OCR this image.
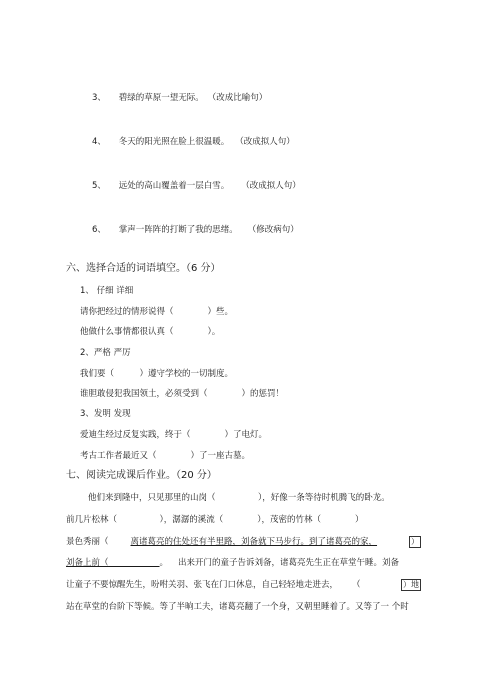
3、 碧绿的草原一望无际。 （改成比喻句）
4、 冬天的阳光照在脸上很温暖。 （改成拟人句）
5、 远处的高山覆盖着一层白雪。 （改成拟人句）
6、 掌声一阵阵的打断了我的思绪。 （修改病句）
六、选择合适的词语填空。（6 分）
1、 仔细 详细
请你把经过的情形说得（　　　　）些。
他做什么事情都很认真（　　　　）。
2、严格 严厉
我们要（　　　）遵守学校的一切制度。
谁胆敢侵犯我国领土，必须受到（　　　　）的惩罚！
3、发明 发现
爱迪生经过反复实践，终于（　　　　）了电灯。
考古工作者最近又（　　　　）了一座古墓。
七、阅读完成课后作业。（20 分）
他们来到隆中，只见那里的山岗（　　　　　），好像一条等待时机腾飞的卧龙。
前几片松林（　　　　　），潺潺的溪流（　　　　），茂密的竹林（　　　　）
景色秀丽（	离诸葛亮的住处还有半里路，刘备就下马步行。到了诸葛亮的家，	）
刘备上前（　　　　　　	。 出来开门的童子告诉刘备，诸葛亮先生正在草堂午睡。刘备
让童子不要惊醒先生，吩咐关羽、张飞在门口休息，自己轻轻地走进去， （	）地
站在草堂的台阶下等候。等了半晌工夫，诸葛亮翻了一个身，又朝里睡着了。又等了一 个时
